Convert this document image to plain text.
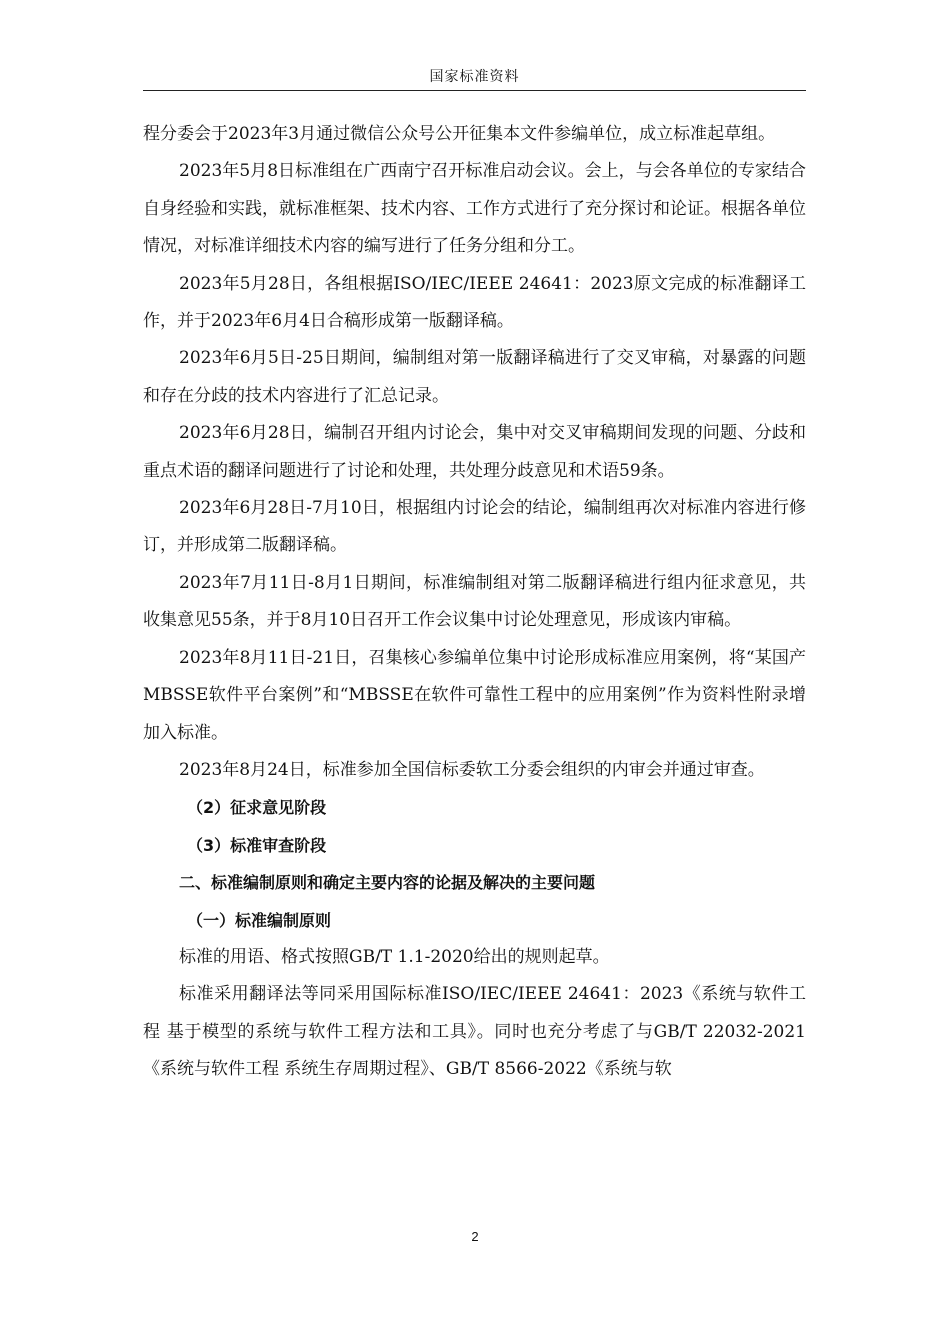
国家标准资料

程分委会于2023年3月通过微信公众号公开征集本文件参编单位，成立标准起草组。

2023年5月8日标准组在广西南宁召开标准启动会议。会上，与会各单位的专家结合自身经验和实践，就标准框架、技术内容、工作方式进行了充分探讨和论证。根据各单位情况，对标准详细技术内容的编写进行了任务分组和分工。

2023年5月28日，各组根据ISO/IEC/IEEE 24641：2023原文完成的标准翻译工作，并于2023年6月4日合稿形成第一版翻译稿。

2023年6月5日-25日期间，编制组对第一版翻译稿进行了交叉审稿，对暴露的问题和存在分歧的技术内容进行了汇总记录。

2023年6月28日，编制召开组内讨论会，集中对交叉审稿期间发现的问题、分歧和重点术语的翻译问题进行了讨论和处理，共处理分歧意见和术语59条。

2023年6月28日-7月10日，根据组内讨论会的结论，编制组再次对标准内容进行修订，并形成第二版翻译稿。

2023年7月11日-8月1日期间，标准编制组对第二版翻译稿进行组内征求意见，共收集意见55条，并于8月10日召开工作会议集中讨论处理意见，形成该内审稿。

2023年8月11日-21日，召集核心参编单位集中讨论形成标准应用案例，将“某国产MBSSE软件平台案例”和“MBSSE在软件可靠性工程中的应用案例”作为资料性附录增加入标准。

2023年8月24日，标准参加全国信标委软工分委会组织的内审会并通过审查。

（2）征求意见阶段

（3）标准审查阶段

二、标准编制原则和确定主要内容的论据及解决的主要问题

（一）标准编制原则

标准的用语、格式按照GB/T 1.1-2020给出的规则起草。

标准采用翻译法等同采用国际标准ISO/IEC/IEEE 24641：2023《系统与软件工程 基于模型的系统与软件工程方法和工具》。同时也充分考虑了与GB/T 22032-2021《系统与软件工程 系统生存周期过程》、GB/T 8566-2022《系统与软

2
